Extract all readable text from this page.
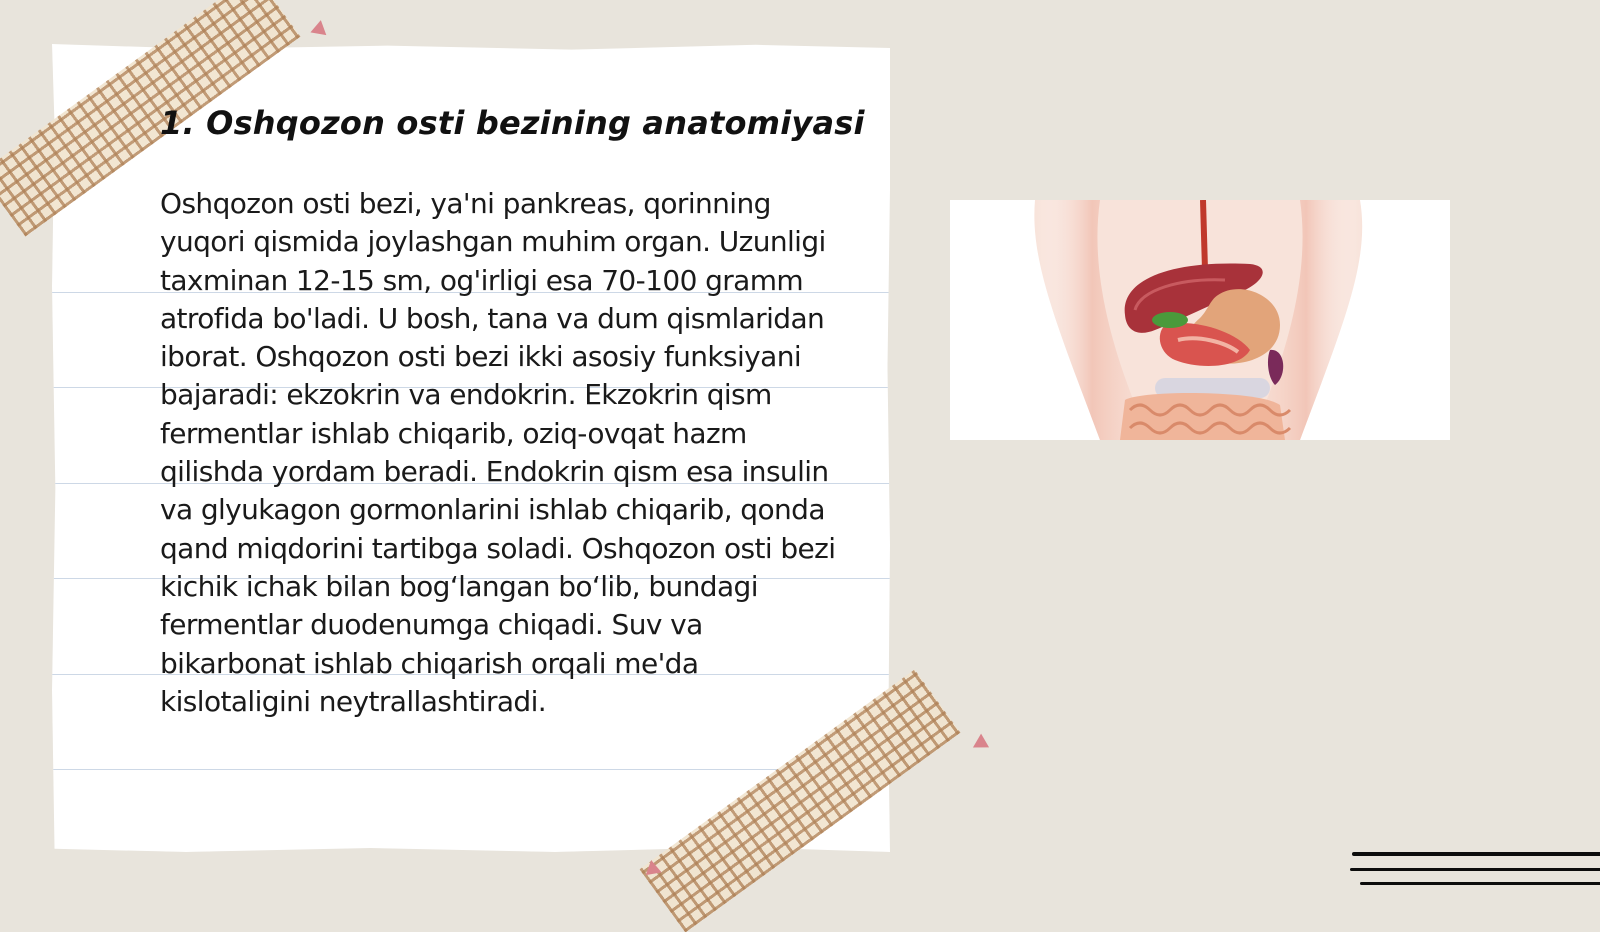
1. Oshqozon osti bezining anatomiyasi

Oshqozon osti bezi, ya'ni pankreas, qorinning yuqori qismida joylashgan muhim organ. Uzunligi taxminan 12-15 sm, og'irligi esa 70-100 gramm atrofida bo'ladi. U bosh, tana va dum qismlaridan iborat. Oshqozon osti bezi ikki asosiy funksiyani bajaradi: ekzokrin va endokrin. Ekzokrin qism fermentlar ishlab chiqarib, oziq-ovqat hazm qilishda yordam beradi. Endokrin qism esa insulin va glyukagon gormonlarini ishlab chiqarib, qonda qand miqdorini tartibga soladi. Oshqozon osti bezi kichik ichak bilan bog‘langan bo‘lib, bundagi fermentlar duodenumga chiqadi. Suv va bikarbonat ishlab chiqarish orqali me'da kislotaligini neytrallashtiradi.
